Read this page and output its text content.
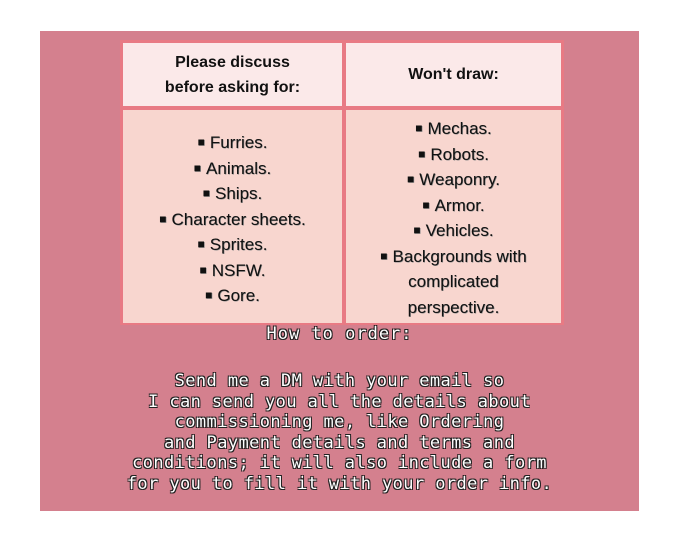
Please discuss
before asking for:
Won't draw:
■ Furries.
■ Animals.
■ Ships.
■ Character sheets.
■ Sprites.
■ NSFW.
■ Gore.
■ Mechas.
■ Robots.
■ Weaponry.
■ Armor.
■ Vehicles.
■ Backgrounds with
complicated
perspective.
How to order:
Send me a DM with your email so
I can send you all the details about
commissioning me, like Ordering
and Payment details and terms and
conditions; it will also include a form
for you to fill it with your order info.
